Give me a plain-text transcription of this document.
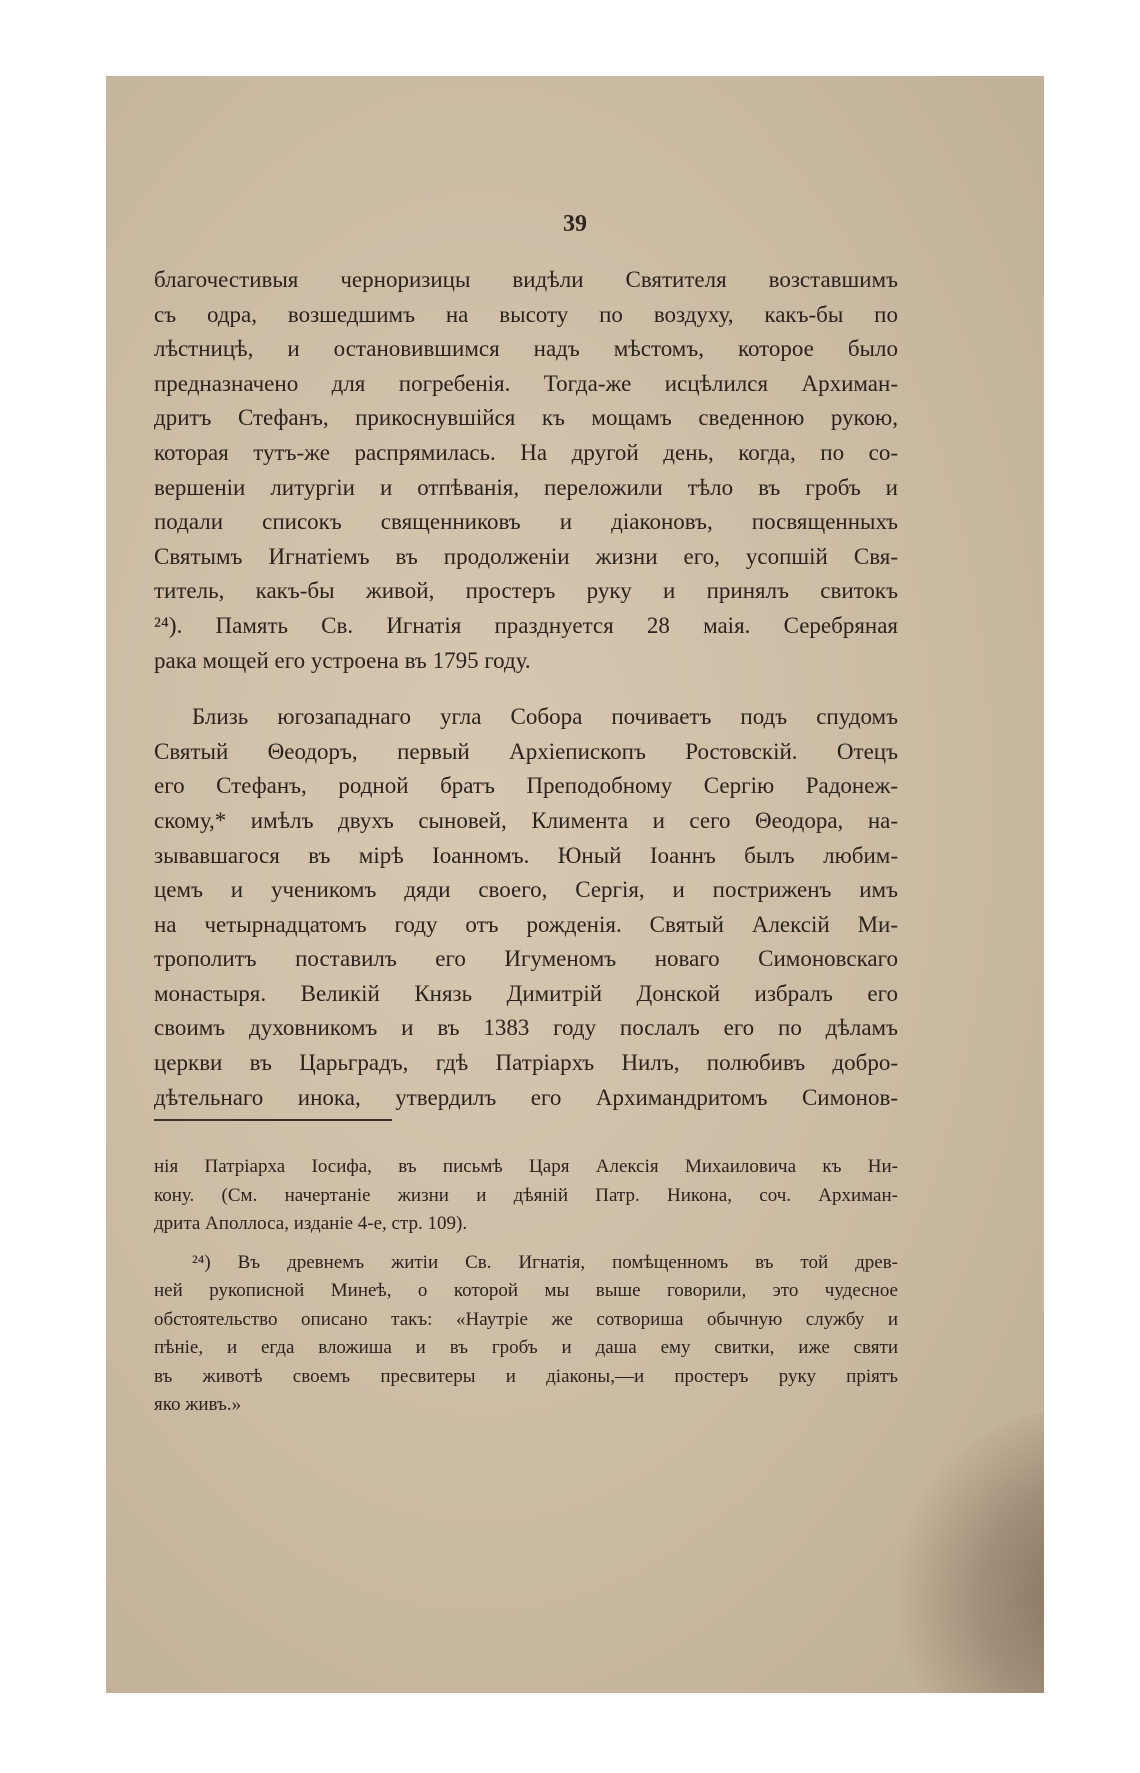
39
благочестивыя черноризицы видѣли Святителя возставшимъ
съ одра, возшедшимъ на высоту по воздуху, какъ-бы по
лѣстницѣ, и остановившимся надъ мѣстомъ, которое было
предназначено для погребенія. Тогда-же исцѣлился Архиман-
дритъ Стефанъ, прикоснувшійся къ мощамъ сведенною рукою,
которая тутъ-же распрямилась. На другой день, когда, по со-
вершеніи литургіи и отпѣванія, переложили тѣло въ гробъ и
подали списокъ священниковъ и діаконовъ, посвященныхъ
Святымъ Игнатіемъ въ продолженіи жизни его, усопшій Свя-
титель, какъ-бы живой, простеръ руку и принялъ свитокъ
²⁴). Память Св. Игнатія празднуется 28 маія. Серебряная
рака мощей его устроена въ 1795 году.
Близь югозападнаго угла Собора почиваетъ подъ спудомъ
Святый Θеодоръ, первый Архіепископъ Ростовскій. Отецъ
его Стефанъ, родной братъ Преподобному Сергію Радонеж-
скому,* имѣлъ двухъ сыновей, Климента и сего Θеодора, на-
зывавшагося въ мірѣ Іоанномъ. Юный Іоаннъ былъ любим-
цемъ и ученикомъ дяди своего, Сергія, и постриженъ имъ
на четырнадцатомъ году отъ рожденія. Святый Алексій Ми-
трополитъ поставилъ его Игуменомъ новаго Симоновскаго
монастыря. Великій Князь Димитрій Донской избралъ его
своимъ духовникомъ и въ 1383 году послалъ его по дѣламъ
церкви въ Царьградъ, гдѣ Патріархъ Нилъ, полюбивъ добро-
дѣтельнаго инока, утвердилъ его Архимандритомъ Симонов-
нія Патріарха Іосифа, въ письмѣ Царя Алексія Михаиловича къ Ни-
кону. (См. начертаніе жизни и дѣяній Патр. Никона, соч. Архиман-
дрита Аполлоса, изданіе 4-е, стр. 109).
²⁴) Въ древнемъ житіи Св. Игнатія, помѣщенномъ въ той древ-
ней рукописной Минеѣ, о которой мы выше говорили, это чудесное
обстоятельство описано такъ: «Наутріе же сотвориша обычную службу и
пѣніе, и егда вложиша и въ гробъ и даша ему свитки, иже святи
въ животѣ своемъ пресвитеры и діаконы,—и простеръ руку пріятъ
яко живъ.»
